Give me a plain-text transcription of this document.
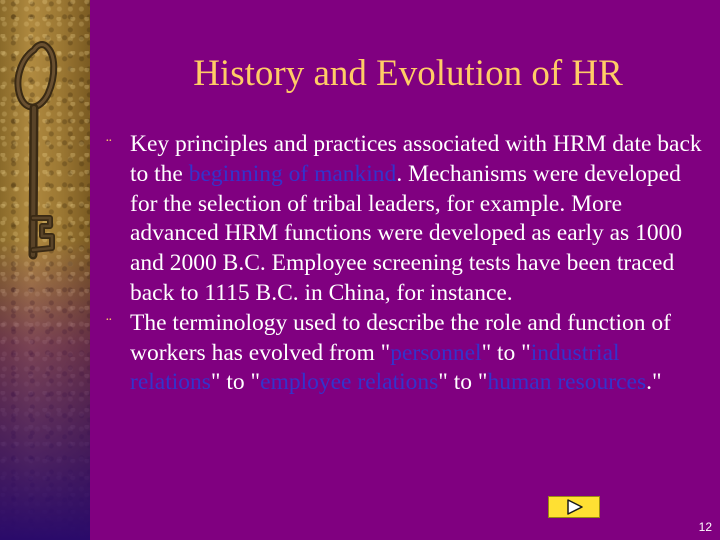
History and Evolution of HR
¨ Key principles and practices associated with HRM date back to the beginning of mankind. Mechanisms were developed for the selection of tribal leaders, for example. More advanced HRM functions were developed as early as 1000 and 2000 B.C. Employee screening tests have been traced back to 1115 B.C. in China, for instance.
¨ The terminology used to describe the role and function of workers has evolved from "personnel" to "industrial relations" to "employee relations" to "human resources."
12
